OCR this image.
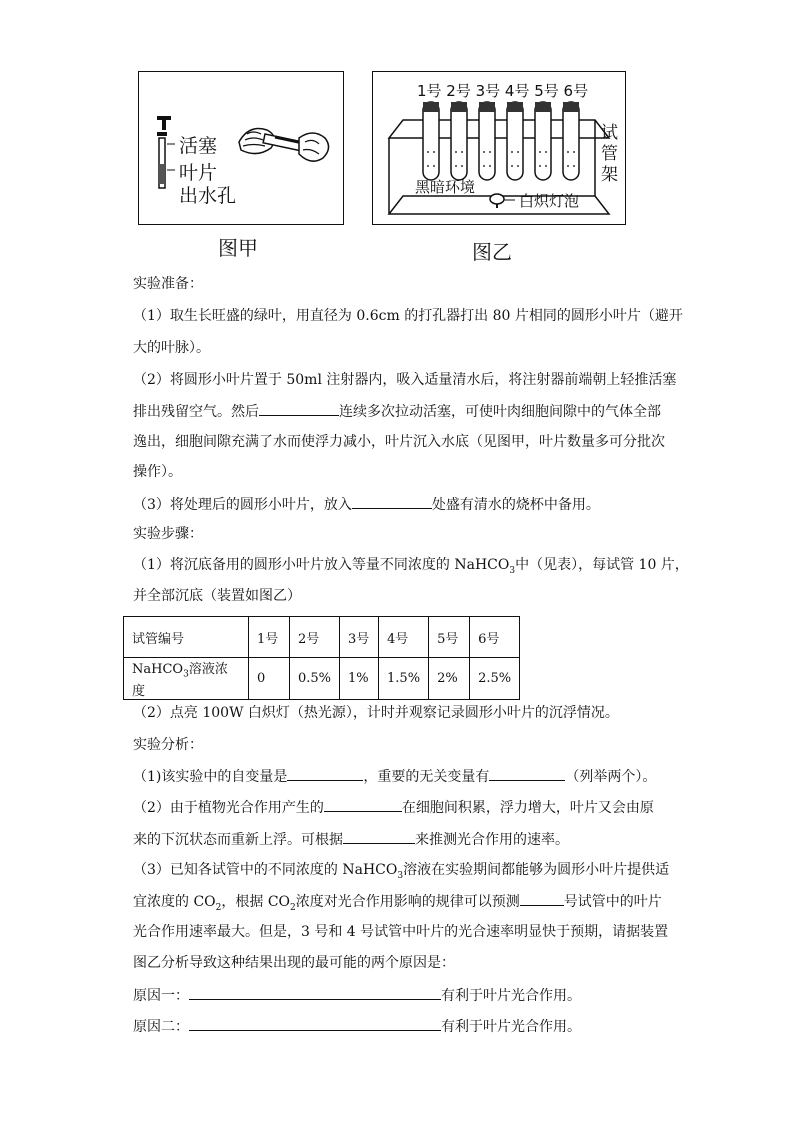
活塞
叶片
出水孔
图甲
1号 2号 3号 4号 5号 6号
黑暗环境
白炽灯泡
试
管
架
图乙
实验准备：
（1）取生长旺盛的绿叶，用直径为 0.6cm 的打孔器打出 80 片相同的圆形小叶片（避开
大的叶脉）。
（2）将圆形小叶片置于 50ml 注射器内，吸入适量清水后，将注射器前端朝上轻推活塞
排出残留空气。然后	连续多次拉动活塞，可使叶肉细胞间隙中的气体全部
逸出，细胞间隙充满了水而使浮力减小，叶片沉入水底（见图甲，叶片数量多可分批次
操作）。
（3）将处理后的圆形小叶片，放入	处盛有清水的烧杯中备用。
实验步骤：
（1）将沉底备用的圆形小叶片放入等量不同浓度的 NaHCO$_3$中（见表），每试管 10 片，
并全部沉底（装置如图乙）
试管编号	1号	2号	3号	4号	5号	6号
NaHCO$_3$溶液浓度	0	0.5%	1%	1.5%	2%	2.5%
（2）点亮 100W 白炽灯（热光源），计时并观察记录圆形小叶片的沉浮情况。
实验分析：
（1)该实验中的自变量是	，重要的无关变量有	（列举两个）。
（2）由于植物光合作用产生的	在细胞间积累，浮力增大，叶片又会由原
来的下沉状态而重新上浮。可根据	来推测光合作用的速率。
（3）已知各试管中的不同浓度的 NaHCO$_3$溶液在实验期间都能够为圆形小叶片提供适
宜浓度的 $CO_2$，根据 $CO_2$浓度对光合作用影响的规律可以预测	号试管中的叶片
光合作用速率最大。但是，3 号和 4 号试管中叶片的光合速率明显快于预期，请据装置
图乙分析导致这种结果出现的最可能的两个原因是：
原因一：	有利于叶片光合作用。
原因二：	有利于叶片光合作用。
